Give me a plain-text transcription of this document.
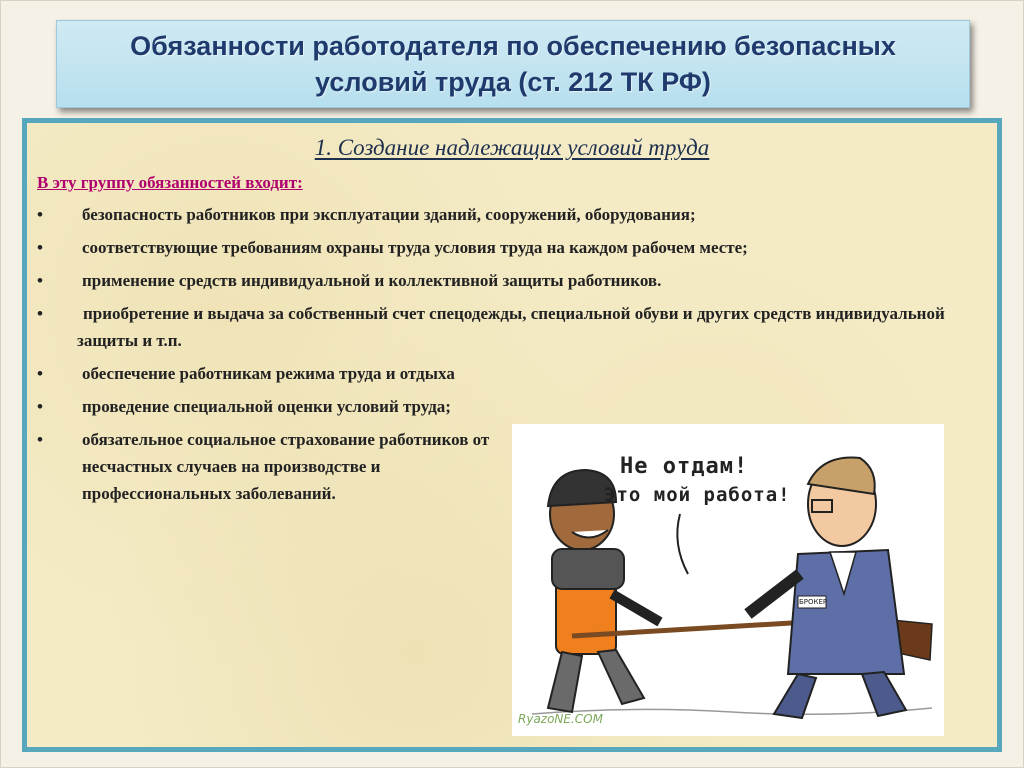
Обязанности работодателя по обеспечению безопасных
условий труда (ст. 212 ТК РФ)
1. Создание надлежащих условий труда
В эту группу обязанностей входит:
•	безопасность работников при эксплуатации зданий, сооружений, оборудования;
•	соответствующие требованиям охраны труда условия труда на каждом рабочем месте;
•	применение средств индивидуальной и коллективной защиты работников.
•	приобретение и выдача за собственный счет спецодежды, специальной обуви и других средств индивидуальной защиты и т.п.
•	обеспечение работникам режима труда и отдыха
•	проведение специальной оценки условий труда;
•	обязательное социальное страхование работников от несчастных случаев на производстве и профессиональных заболеваний.
Не отдам!
Это мой работа!
БРОКЕР
RyazoNE.COM
